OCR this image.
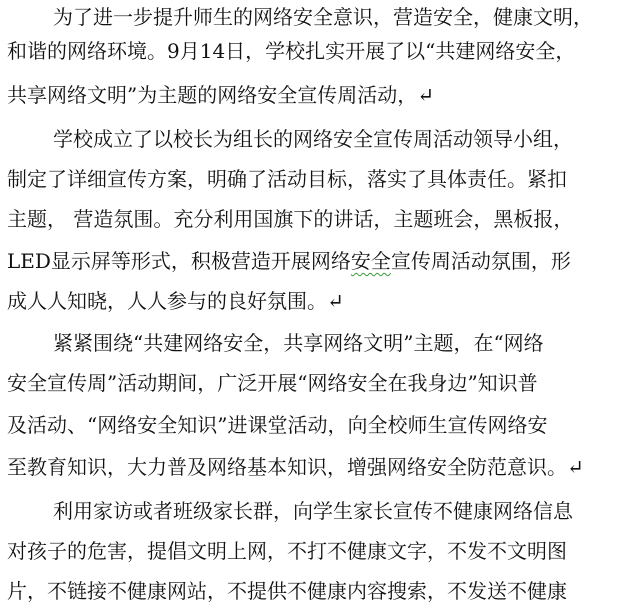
为了进一步提升师生的网络安全意识，营造安全，健康文明，
和谐的网络环境。9月14日，学校扎实开展了以“共建网络安全，
共享网络文明”为主题的网络安全宣传周活动，↵
学校成立了以校长为组长的网络安全宣传周活动领导小组，
制定了详细宣传方案，明确了活动目标，落实了具体责任。紧扣
主题， 营造氛围。充分利用国旗下的讲话，主题班会，黑板报，
LED显示屏等形式，积极营造开展网络安全宣传周活动氛围，形
成人人知晓，人人参与的良好氛围。↵
紧紧围绕“共建网络安全，共享网络文明”主题，在“网络
安全宣传周”活动期间，广泛开展“网络安全在我身边”知识普
及活动、“网络安全知识”进课堂活动，向全校师生宣传网络安
至教育知识，大力普及网络基本知识，增强网络安全防范意识。↵
利用家访或者班级家长群，向学生家长宣传不健康网络信息
对孩子的危害，提倡文明上网，不打不健康文字，不发不文明图
片，不链接不健康网站，不提供不健康内容搜索，不发送不健康
